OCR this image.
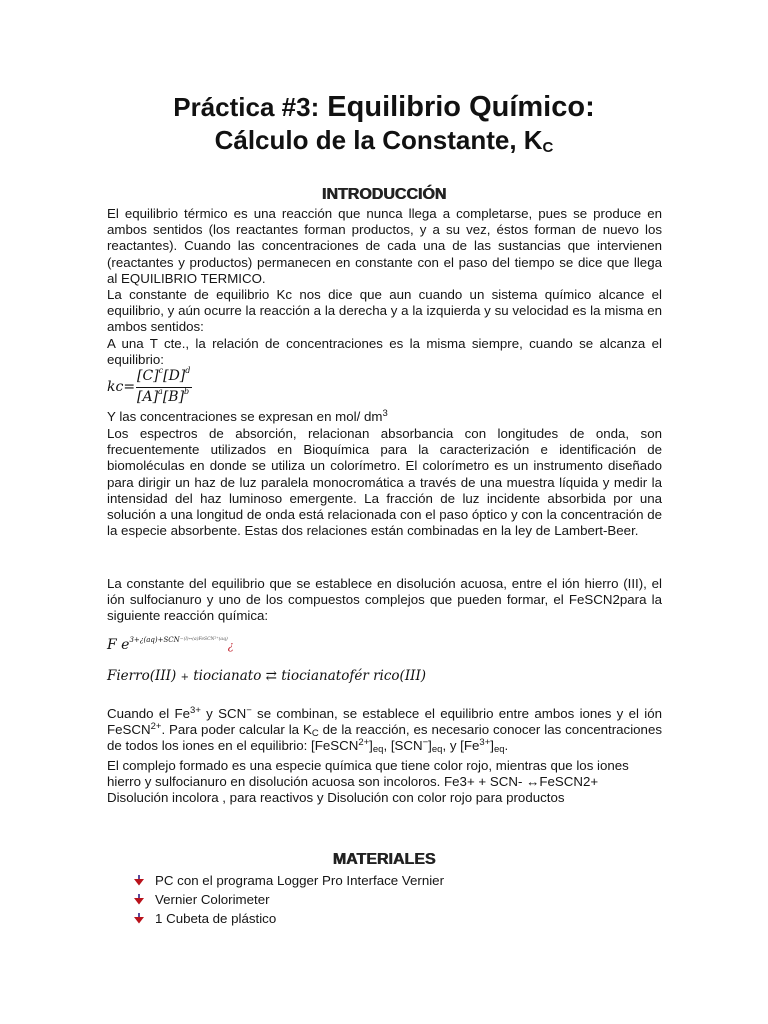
Práctica #3: Equilibrio Químico:
Cálculo de la Constante, $K_C$
INTRODUCCIÓN
El equilibrio térmico es una reacción que nunca llega a completarse, pues se produce en ambos sentidos (los reactantes forman productos, y a su vez, éstos forman de nuevo los reactantes). Cuando las concentraciones de cada una de las sustancias que intervienen (reactantes y productos) permanecen en constante con el paso del tiempo se dice que llega al EQUILIBRIO TERMICO.
La constante de equilibrio Kc nos dice que aun cuando un sistema químico alcance el equilibrio, y aún ocurre la reacción a la derecha y a la izquierda y su velocidad es la misma en ambos sentidos:
A una T cte., la relación de concentraciones es la misma siempre, cuando se alcanza el equilibrio:
kc=
$[C]^c[D]^d$
$[A]^a[B]^b$
Y las concentraciones se expresan en mol/ $dm^3$
Los espectros de absorción, relacionan absorbancia con longitudes de onda, son frecuentemente utilizados en Bioquímica para la caracterización e identificación de biomoléculas en donde se utiliza un colorímetro. El colorímetro es un instrumento diseñado para dirigir un haz de luz paralela monocromática a través de una muestra líquida y medir la intensidad del haz luminoso emergente. La fracción de luz incidente absorbida por una solución a una longitud de onda está relacionada con el paso óptico y con la concentración de la especie absorbente. Estas dos relaciones están combinadas en la ley de Lambert-Beer.
La constante del equilibrio que se establece en disolución acuosa, entre el ión hierro (III), el ión sulfocianuro y uno de los compuestos complejos que pueden formar, el FeSCN2para la siguiente reacción química:
F $e^{3+¿(aq)+SCN-(l)\leftrightarrow(a)FeSCN^{2+}(aq)}¿$
Fierro(III) + tiocianato ⇄ tiocianatofér rico(III)
Cuando el $Fe^{3+}$ y SCN− se combinan, se establece el equilibrio entre ambos iones y el ión FeSCN$^{2+}$. Para poder calcular la $K_C$ de la reacción, es necesario conocer las concentraciones de todos los iones en el equilibrio: $[FeSCN^{2+}]_{eq}$, $[SCN^-]_{eq}$, y $[Fe^{3+}]_{eq}$.
El complejo formado es una especie química que tiene color rojo, mientras que los iones hierro y sulfocianuro en disolución acuosa son incoloros. Fe3+ + SCN- ↔FeSCN2+ Disolución incolora , para reactivos y Disolución con color rojo para productos
MATERIALES
PC con el programa Logger Pro Interface Vernier
Vernier Colorimeter
1 Cubeta de plástico
